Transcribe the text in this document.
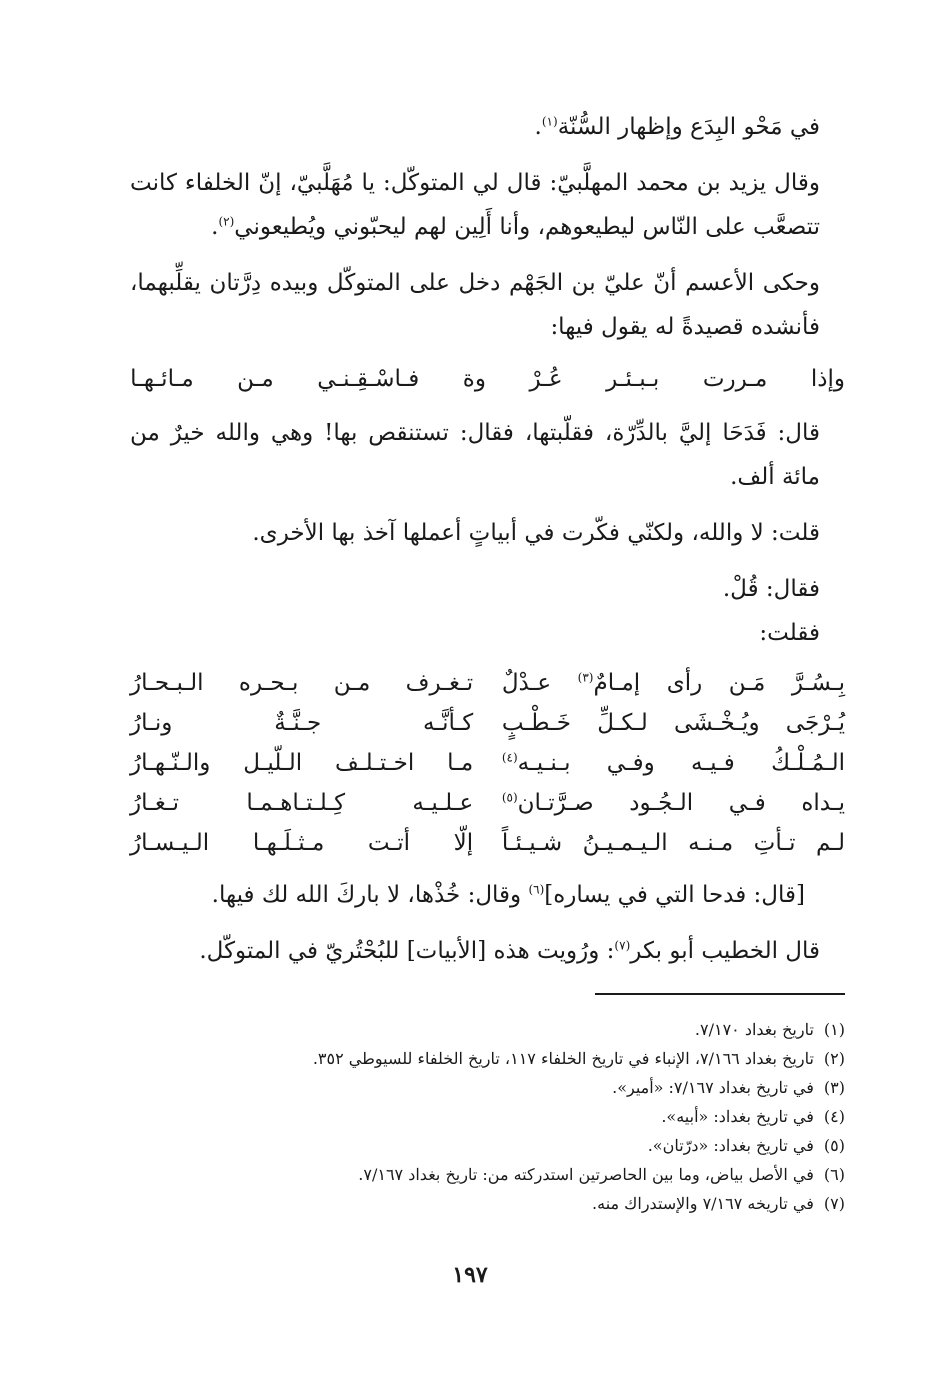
في مَحْو البِدَع وإظهار السُّنّة$^{(١)}$.

وقال يزيد بن محمد المهلَّبيّ: قال لي المتوكّل: يا مُهَلَّبيّ، إنّ الخلفاء كانت تتصعَّب على النّاس ليطيعوهم، وأنا أَلِين لهم ليحبّوني ويُطيعوني$^{(٢)}$.

وحكى الأعسم أنّ عليّ بن الجَهْم دخل على المتوكّل وبيده دِرَّتان يقلِّبهما، فأنشده قصيدةً له يقول فيها:

وإذا
مـررت
بـبـئـر
عُـرْ
وة
فـاسْـقِـنـي
مـن
مـائـهـا

قال: فَدَحَا إليَّ بالدِّرّة، فقلّبتها، فقال: تستنقص بها! وهي والله خيرٌ من مائة ألف.

قلت: لا والله، ولكنّي فكّرت في أبياتٍ أعملها آخذ بها الأخرى.

فقال: قُلْ.

فقلت:

بِـسُـرَّ مَـن رأى إمـامٌ$^{(٣)}$ عـدْلٌ
تـغـرف مـن بـحـره الـبـحـارُ
يُـرْجَى ويُـخْـشَى لـكـلِّ خَـطْـبٍ
كـأنَّـه جـنَّـةٌ ونـارُ
الـمُـلْـكُ فـيـه وفـي بـنـيـه$^{(٤)}$
مـا اخـتـلـف الـلّيـل والـنّـهـارُ
يـداه فـي الـجُـود صـرَّتـان$^{(٥)}$
عـلـيـه كِـلـتـاهـمـا تـغـارُ
لـم تـأتِ مـنـه الـيـمـيـنُ شـيـئـاً
إلّا أتـت مـثـلَـهـا الـيـسـارُ

[قال: فدحا التي في يساره]$^{(٦)}$ وقال: خُذْها، لا باركَ الله لك فيها.

قال الخطيب أبو بكر$^{(٧)}$: ورُويت هذه [الأبيات] للبُحْتُريّ في المتوكّل.

(١) تاريخ بغداد ٧/١٧٠.
(٢) تاريخ بغداد ٧/١٦٦، الإنباء في تاريخ الخلفاء ١١٧، تاريخ الخلفاء للسيوطي ٣٥٢.
(٣) في تاريخ بغداد ٧/١٦٧: «أمير».
(٤) في تاريخ بغداد: «أبيه».
(٥) في تاريخ بغداد: «درّتان».
(٦) في الأصل بياض، وما بين الحاصرتين استدركته من: تاريخ بغداد ٧/١٦٧.
(٧) في تاريخه ٧/١٦٧ والإستدراك منه.
١٩٧
